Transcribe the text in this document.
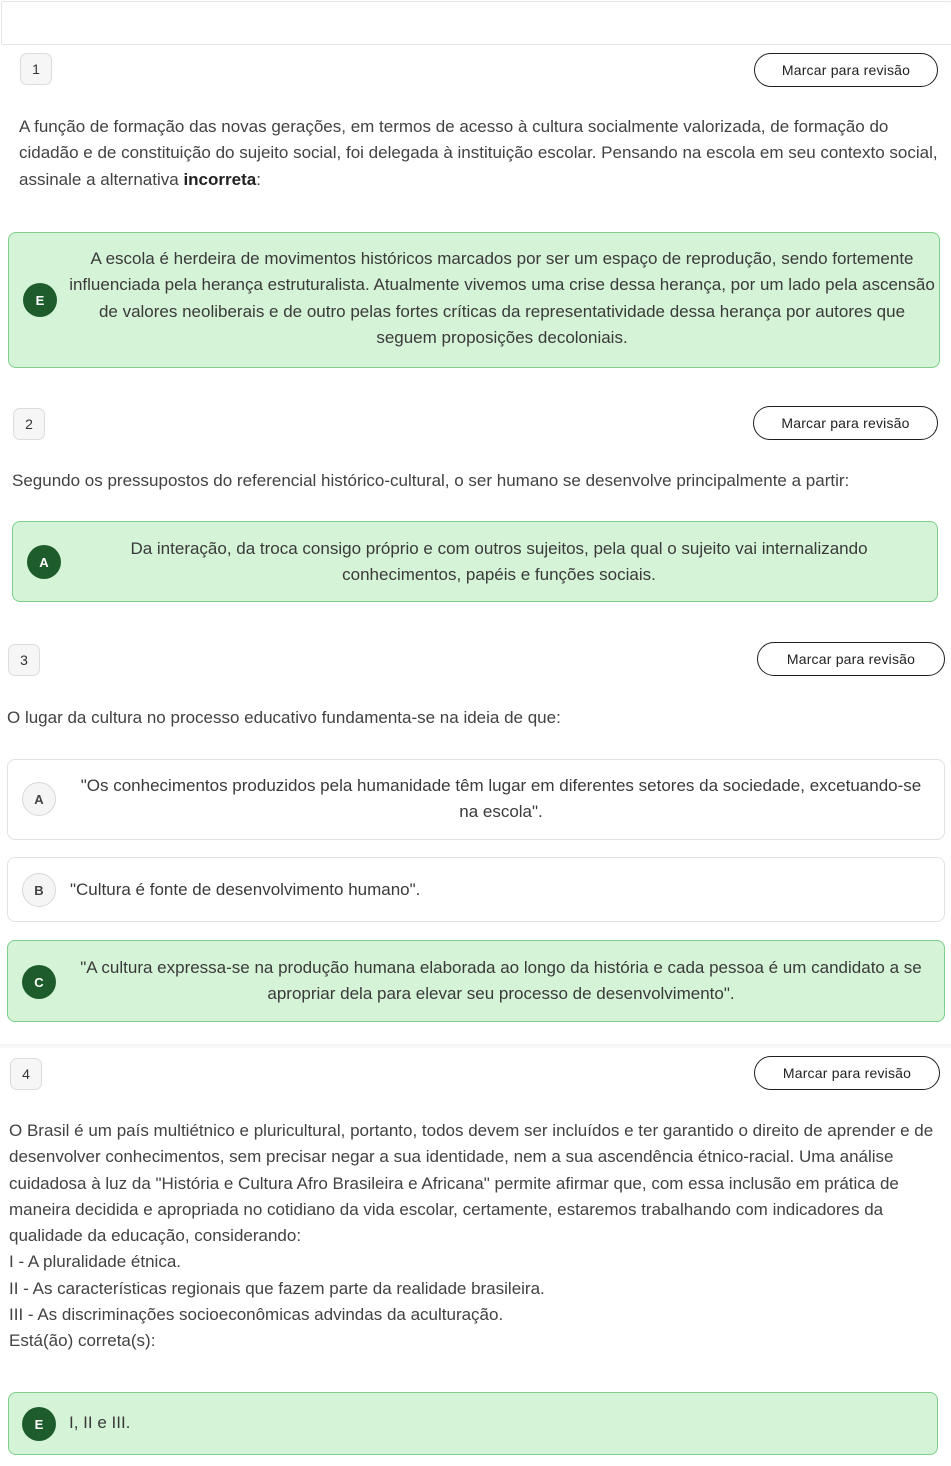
1	Marcar para revisão

A função de formação das novas gerações, em termos de acesso à cultura socialmente valorizada, de formação do cidadão e de constituição do sujeito social, foi delegada à instituição escolar. Pensando na escola em seu contexto social, assinale a alternativa incorreta:

E
A escola é herdeira de movimentos históricos marcados por ser um espaço de reprodução, sendo fortemente influenciada pela herança estruturalista. Atualmente vivemos uma crise dessa herança, por um lado pela ascensão de valores neoliberais e de outro pelas fortes críticas da representatividade dessa herança por autores que seguem proposições decoloniais.
2	Marcar para revisão

Segundo os pressupostos do referencial histórico-cultural, o ser humano se desenvolve principalmente a partir:

A
Da interação, da troca consigo próprio e com outros sujeitos, pela qual o sujeito vai internalizando conhecimentos, papéis e funções sociais.
3	Marcar para revisão

O lugar da cultura no processo educativo fundamenta-se na ideia de que:

A
"Os conhecimentos produzidos pela humanidade têm lugar em diferentes setores da sociedade, excetuando-se na escola".
B	"Cultura é fonte de desenvolvimento humano".
C
"A cultura expressa-se na produção humana elaborada ao longo da história e cada pessoa é um candidato a se apropriar dela para elevar seu processo de desenvolvimento".
4	Marcar para revisão
O Brasil é um país multiétnico e pluricultural, portanto, todos devem ser incluídos e ter garantido o direito de aprender e de desenvolver conhecimentos, sem precisar negar a sua identidade, nem a sua ascendência étnico-racial. Uma análise cuidadosa à luz da "História e Cultura Afro Brasileira e Africana" permite afirmar que, com essa inclusão em prática de maneira decidida e apropriada no cotidiano da vida escolar, certamente, estaremos trabalhando com indicadores da qualidade da educação, considerando:
I - A pluralidade étnica.
II - As características regionais que fazem parte da realidade brasileira.
III - As discriminações socioeconômicas advindas da aculturação.
Está(ão) correta(s):
E	I, II e III.
